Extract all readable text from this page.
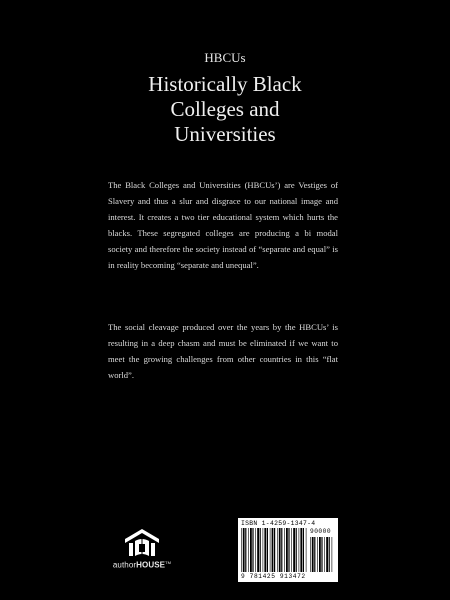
HBCUs
Historically Black
Colleges and
Universities
The Black Colleges and Universities (HBCUs’) are Vestiges of Slavery and thus a slur and disgrace to our national image and interest. It creates a two tier educational system which hurts the blacks. These segregated colleges are producing a bi modal society and therefore the society instead of “separate and equal” is in reality becoming “separate and unequal”.
The social cleavage produced over the years by the HBCUs’ is resulting in a deep chasm and must be eliminated if we want to meet the growing challenges from other countries in this “flat world”.
authorHOUSE™
ISBN 1-4259-1347-4
90000
9 781425 913472
